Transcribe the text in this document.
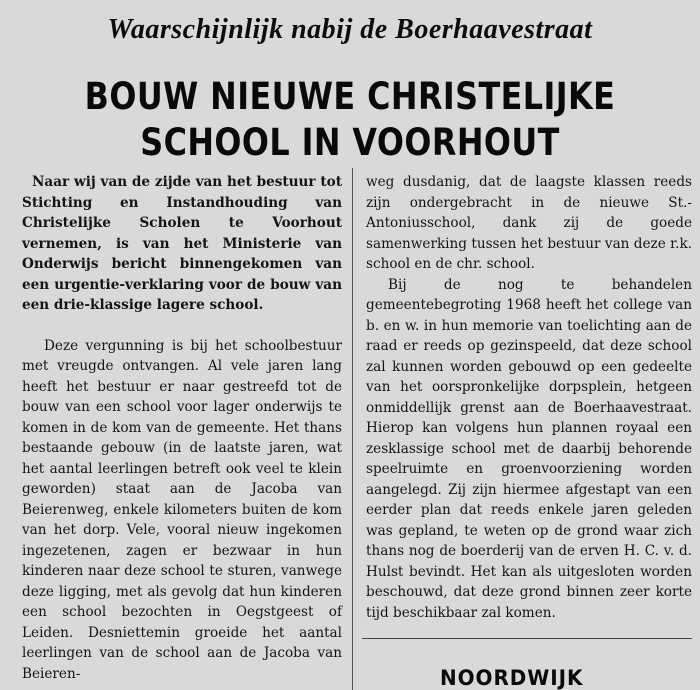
Waarschijnlijk nabij de Boerhaavestraat
BOUW NIEUWE CHRISTELIJKE
SCHOOL IN VOORHOUT

Naar wij van de zijde van het bestuur tot Stichting en Instandhouding van Christelijke Scholen te Voorhout vernemen, is van het Ministerie van Onderwijs bericht binnengekomen van een urgentie-verklaring voor de bouw van een drie-klassige lagere school.

Deze vergunning is bij het schoolbestuur met vreugde ontvangen. Al vele jaren lang heeft het bestuur er naar gestreefd tot de bouw van een school voor lager onderwijs te komen in de kom van de gemeente. Het thans bestaande gebouw (in de laatste jaren, wat het aantal leerlingen betreft ook veel te klein geworden) staat aan de Jacoba van Beierenweg, enkele kilometers buiten de kom van het dorp. Vele, vooral nieuw ingekomen ingezetenen, zagen er bezwaar in hun kinderen naar deze school te sturen, vanwege deze ligging, met als gevolg dat hun kinderen een school bezochten in Oegstgeest of Leiden. Desniettemin groeide het aantal leerlingen van de school aan de Jacoba van Beieren-

weg dusdanig, dat de laagste klassen reeds zijn ondergebracht in de nieuwe St.-Antoniusschool, dank zij de goede samenwerking tussen het bestuur van deze r.k. school en de chr. school.

Bij de nog te behandelen gemeentebegroting 1968 heeft het college van b. en w. in hun memorie van toelichting aan de raad er reeds op gezinspeeld, dat deze school zal kunnen worden gebouwd op een gedeelte van het oorspronkelijke dorpsplein, hetgeen onmiddellijk grenst aan de Boerhaavestraat. Hierop kan volgens hun plannen royaal een zesklassige school met de daarbij behorende speelruimte en groenvoorziening worden aangelegd. Zij zijn hiermee afgestapt van een eerder plan dat reeds enkele jaren geleden was gepland, te weten op de grond waar zich thans nog de boerderij van de erven H. C. v. d. Hulst bevindt. Het kan als uitgesloten worden beschouwd, dat deze grond binnen zeer korte tijd beschikbaar zal komen.

NOORDWIJK
